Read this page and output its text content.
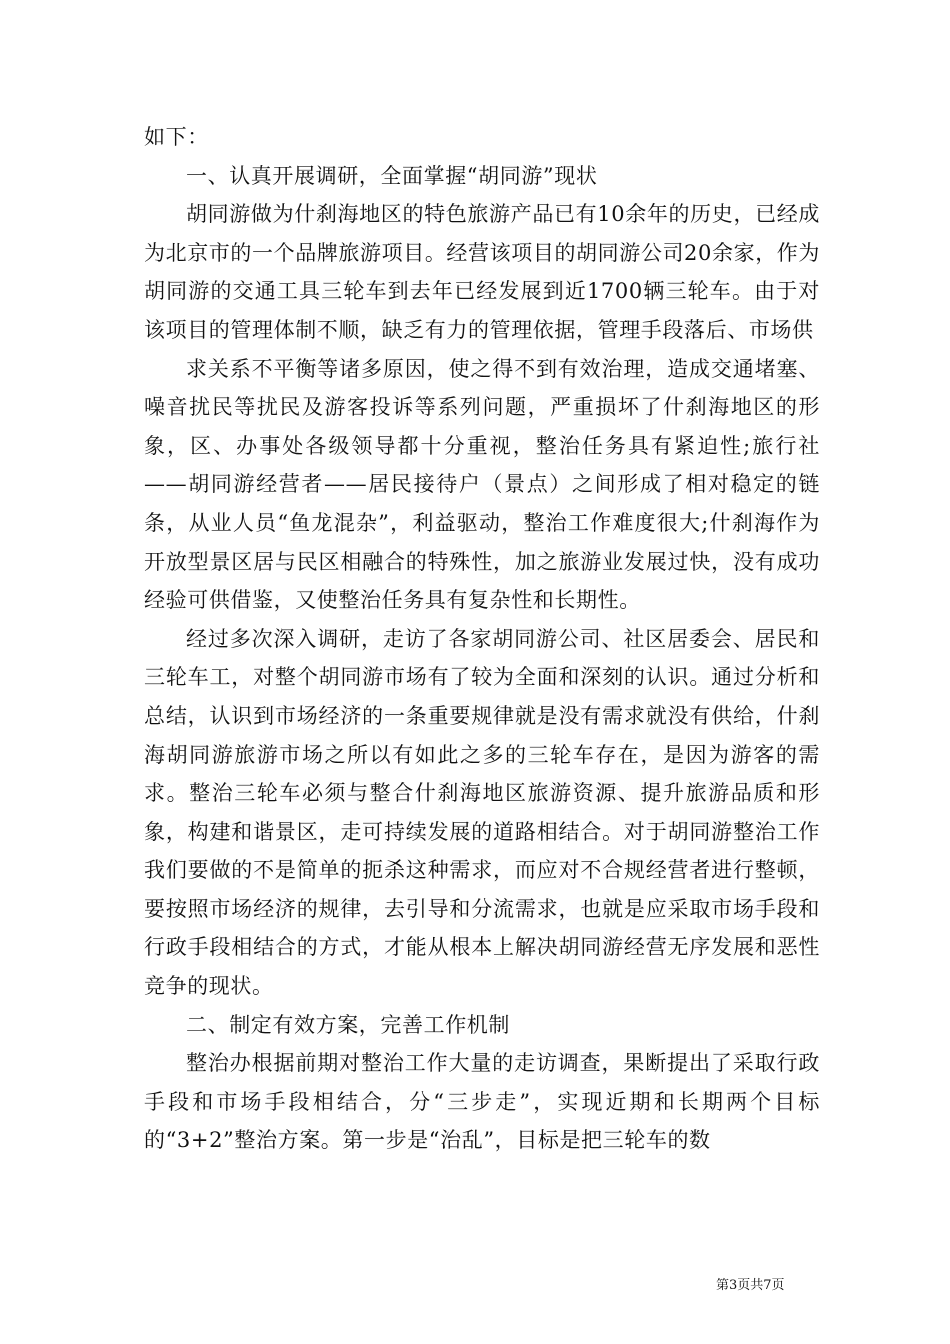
如下：

一、认真开展调研，全面掌握“胡同游”现状

胡同游做为什刹海地区的特色旅游产品已有10余年的历史，已经成为北京市的一个品牌旅游项目。经营该项目的胡同游公司20余家，作为胡同游的交通工具三轮车到去年已经发展到近1700辆三轮车。由于对该项目的管理体制不顺，缺乏有力的管理依据，管理手段落后、市场供

求关系不平衡等诸多原因，使之得不到有效治理，造成交通堵塞、噪音扰民等扰民及游客投诉等系列问题，严重损坏了什刹海地区的形象，区、办事处各级领导都十分重视，整治任务具有紧迫性;旅行社——胡同游经营者——居民接待户（景点）之间形成了相对稳定的链条，从业人员“鱼龙混杂”，利益驱动，整治工作难度很大;什刹海作为开放型景区居与民区相融合的特殊性，加之旅游业发展过快，没有成功经验可供借鉴，又使整治任务具有复杂性和长期性。

经过多次深入调研，走访了各家胡同游公司、社区居委会、居民和三轮车工，对整个胡同游市场有了较为全面和深刻的认识。通过分析和总结，认识到市场经济的一条重要规律就是没有需求就没有供给，什刹海胡同游旅游市场之所以有如此之多的三轮车存在，是因为游客的需求。整治三轮车必须与整合什刹海地区旅游资源、提升旅游品质和形象，构建和谐景区，走可持续发展的道路相结合。对于胡同游整治工作我们要做的不是简单的扼杀这种需求，而应对不合规经营者进行整顿，要按照市场经济的规律，去引导和分流需求，也就是应采取市场手段和行政手段相结合的方式，才能从根本上解决胡同游经营无序发展和恶性竞争的现状。

二、制定有效方案，完善工作机制

整治办根据前期对整治工作大量的走访调查，果断提出了采取行政手段和市场手段相结合，分“三步走”，实现近期和长期两个目标的“3+2”整治方案。第一步是“治乱”，目标是把三轮车的数

第3页共7页
